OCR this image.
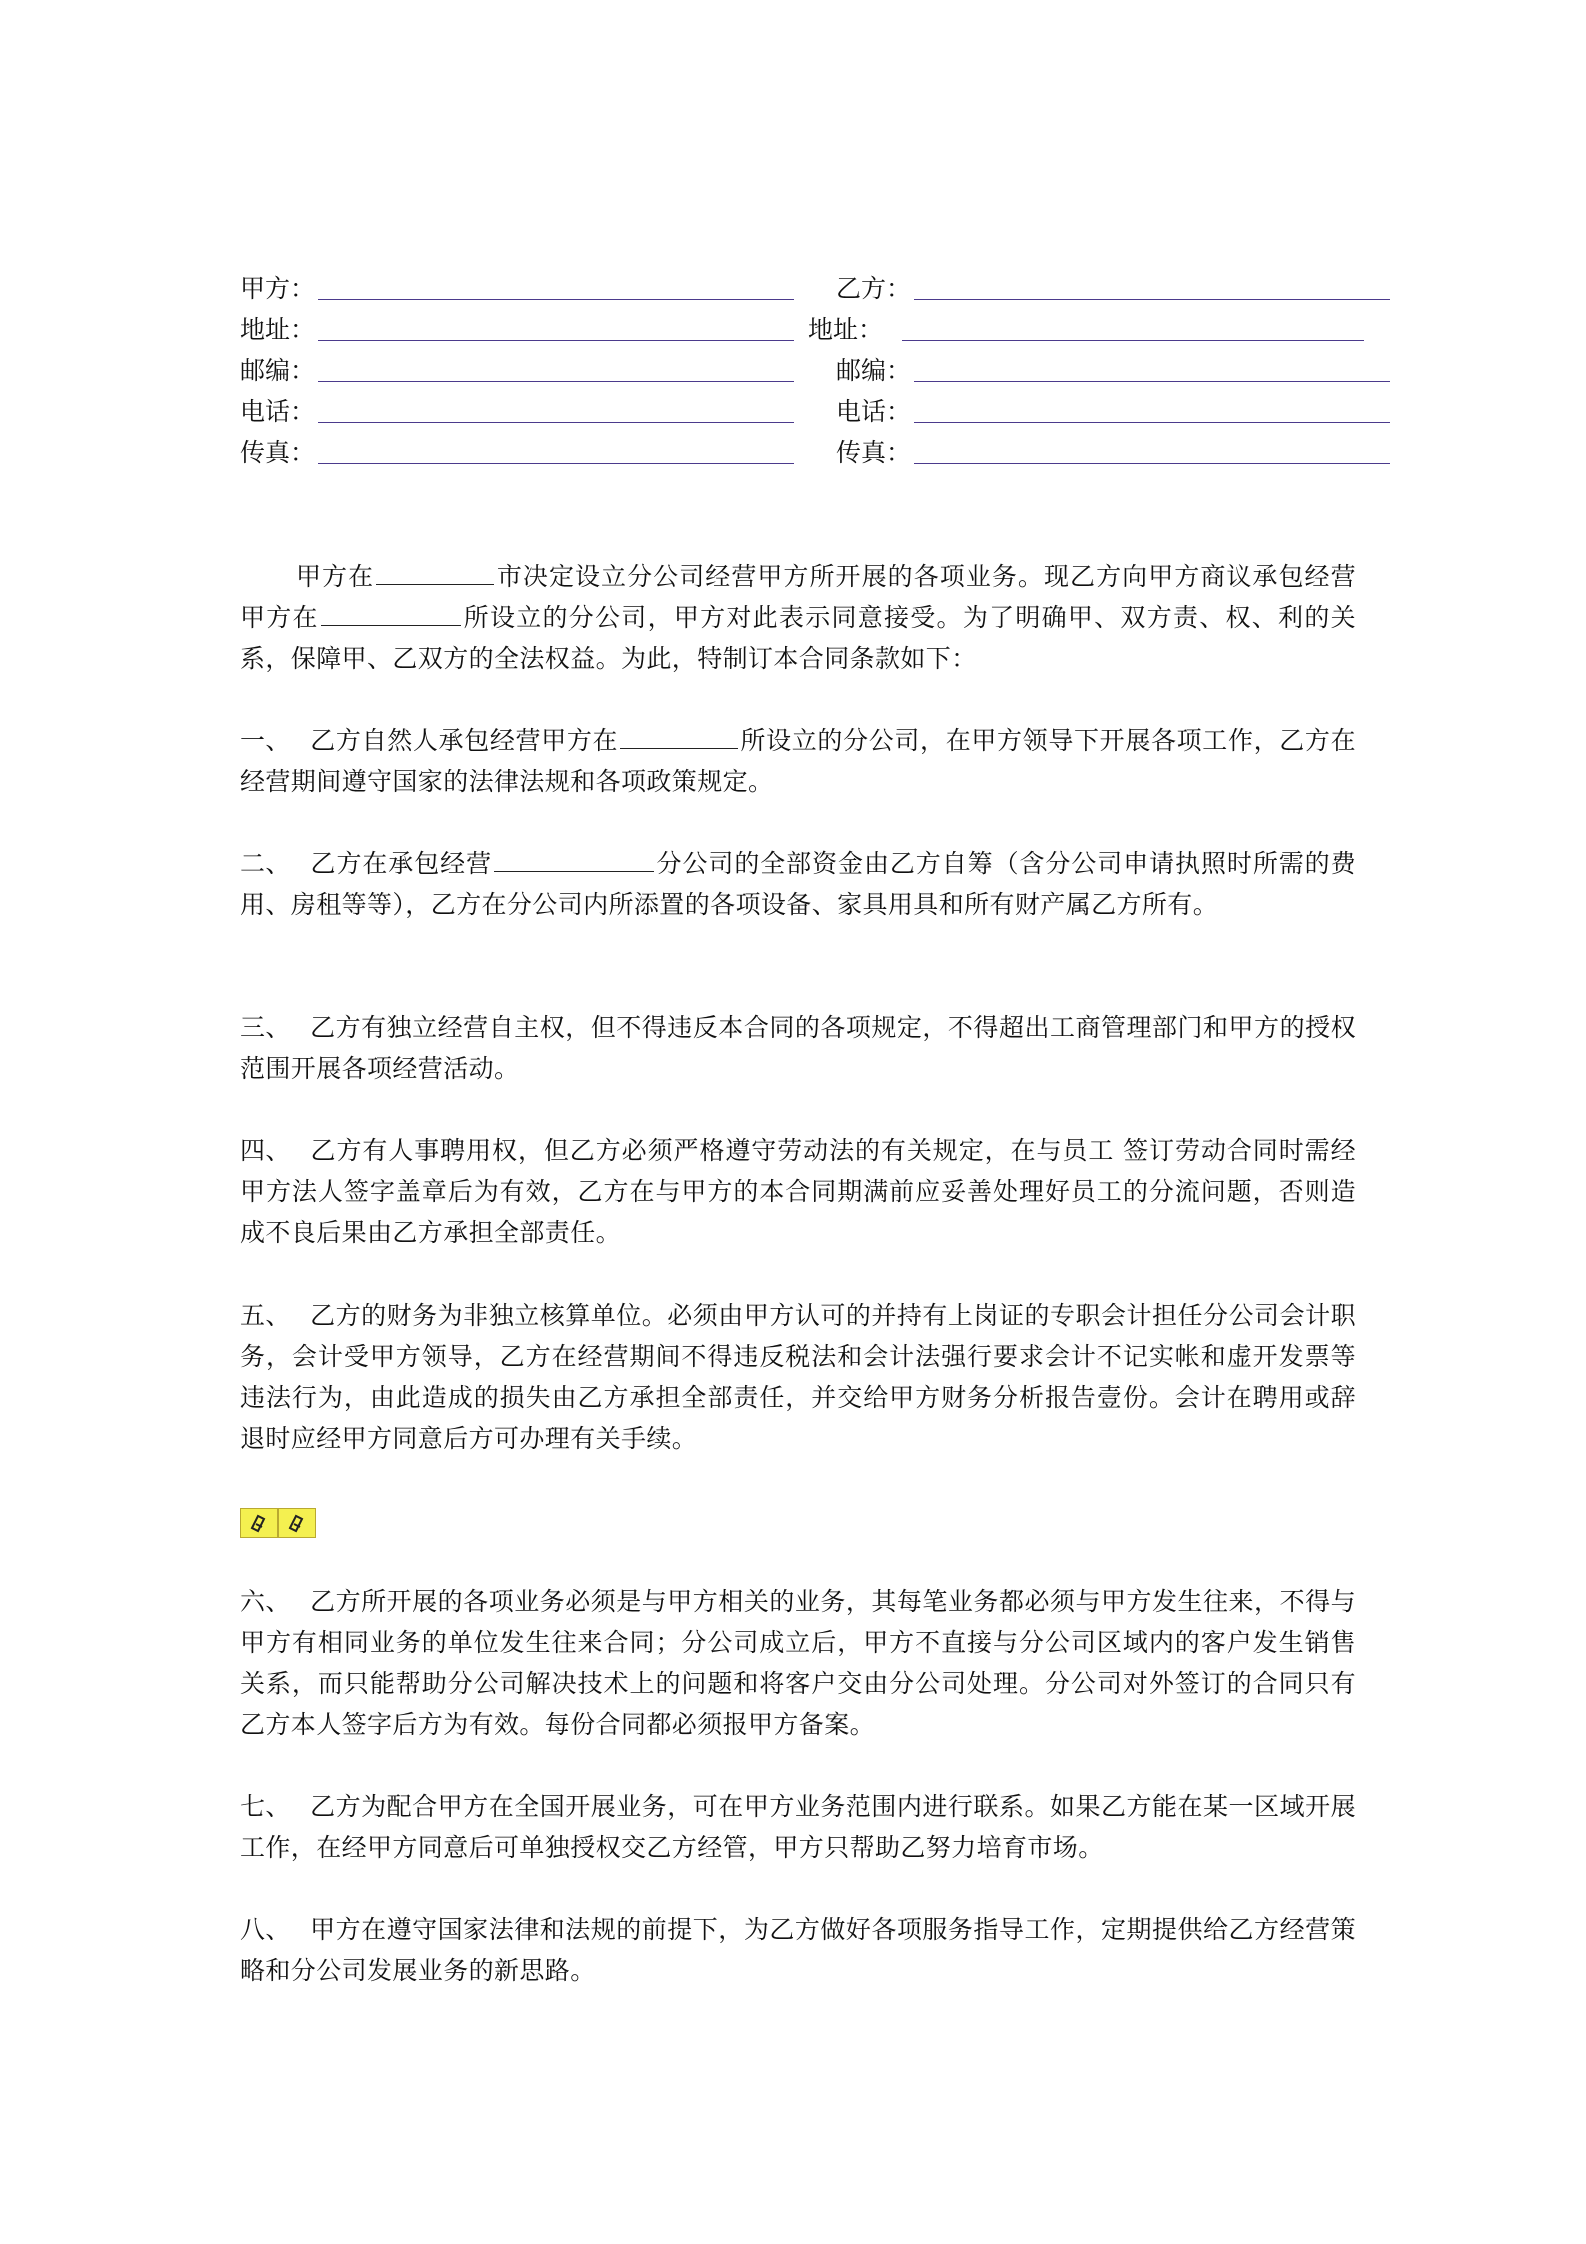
甲方：	乙方：
地址：	地址：
邮编：	邮编：
电话：	电话：
传真：	传真：
甲方在	市决定设立分公司经营甲方所开展的各项业务。现乙方向甲方商议承包经营甲方在	所设立的分公司，甲方对此表示同意接受。为了明确甲、双方责、权、利的关系，保障甲、乙双方的全法权益。为此，特制订本合同条款如下：
一、 乙方自然人承包经营甲方在	所设立的分公司，在甲方领导下开展各项工作，乙方在经营期间遵守国家的法律法规和各项政策规定。
二、 乙方在承包经营	分公司的全部资金由乙方自筹（含分公司申请执照时所需的费用、房租等等），乙方在分公司内所添置的各项设备、家具用具和所有财产属乙方所有。
三、 乙方有独立经营自主权，但不得违反本合同的各项规定，不得超出工商管理部门和甲方的授权范围开展各项经营活动。
四、 乙方有人事聘用权，但乙方必须严格遵守劳动法的有关规定，在与员工 签订劳动合同时需经甲方法人签字盖章后为有效，乙方在与甲方的本合同期满前应妥善处理好员工的分流问题，否则造成不良后果由乙方承担全部责任。
五、 乙方的财务为非独立核算单位。必须由甲方认可的并持有上岗证的专职会计担任分公司会计职务，会计受甲方领导，乙方在经营期间不得违反税法和会计法强行要求会计不记实帐和虚开发票等违法行为，由此造成的损失由乙方承担全部责任，并交给甲方财务分析报告壹份。会计在聘用或辞退时应经甲方同意后方可办理有关手续。
六、 乙方所开展的各项业务必须是与甲方相关的业务，其每笔业务都必须与甲方发生往来，不得与甲方有相同业务的单位发生往来合同；分公司成立后，甲方不直接与分公司区域内的客户发生销售关系，而只能帮助分公司解决技术上的问题和将客户交由分公司处理。分公司对外签订的合同只有乙方本人签字后方为有效。每份合同都必须报甲方备案。
七、 乙方为配合甲方在全国开展业务，可在甲方业务范围内进行联系。如果乙方能在某一区域开展工作，在经甲方同意后可单独授权交乙方经管，甲方只帮助乙努力培育市场。
八、 甲方在遵守国家法律和法规的前提下，为乙方做好各项服务指导工作，定期提供给乙方经营策略和分公司发展业务的新思路。
